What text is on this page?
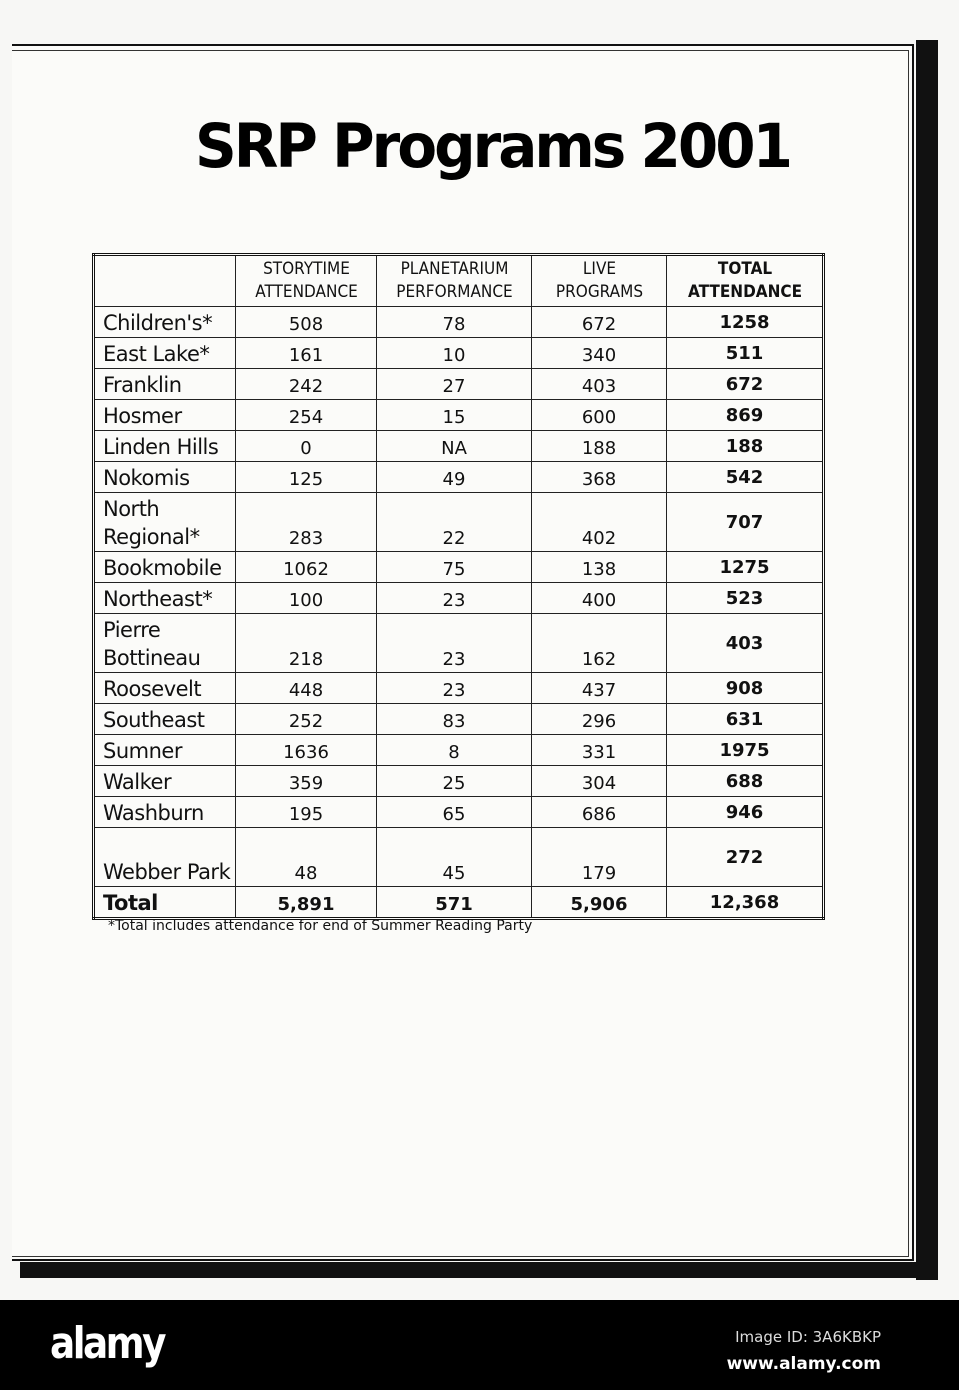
SRP Programs 2001
	STORYTIME ATTENDANCE	PLANETARIUM PERFORMANCE	LIVE PROGRAMS	TOTAL ATTENDANCE
Children's*	508	78	672	1258
East Lake*	161	10	340	511
Franklin	242	27	403	672
Hosmer	254	15	600	869
Linden Hills	0	NA	188	188
Nokomis	125	49	368	542
North Regional*	283	22	402	707
Bookmobile	1062	75	138	1275
Northeast*	100	23	400	523
Pierre Bottineau	218	23	162	403
Roosevelt	448	23	437	908
Southeast	252	83	296	631
Sumner	1636	8	331	1975
Walker	359	25	304	688
Washburn	195	65	686	946
Webber Park	48	45	179	272
Total	5,891	571	5,906	12,368
*Total includes attendance for end of Summer Reading Party
alamy	Image ID: 3A6KBKP
www.alamy.com
